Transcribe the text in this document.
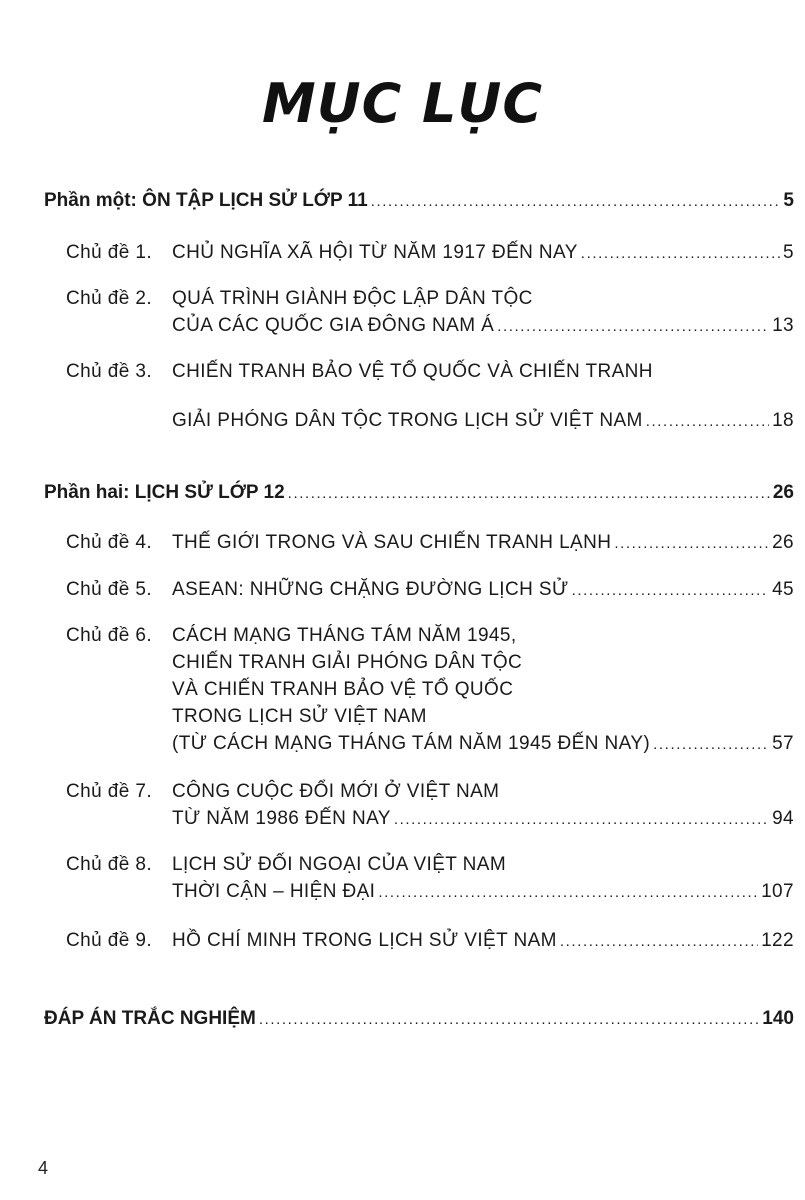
MỤC LỤC
Phần một: ÔN TẬP LỊCH SỬ LỚP 11 .....	5
Chủ đề 1.	CHỦ NGHĨA XÃ HỘI TỪ NĂM 1917 ĐẾN NAY .....	5
Chủ đề 2.	QUÁ TRÌNH GIÀNH ĐỘC LẬP DÂN TỘC
CỦA CÁC QUỐC GIA ĐÔNG NAM Á .....	13
Chủ đề 3.	CHIẾN TRANH BẢO VỆ TỔ QUỐC VÀ CHIẾN TRANH
GIẢI PHÓNG DÂN TỘC TRONG LỊCH SỬ VIỆT NAM .....	18
Phần hai: LỊCH SỬ LỚP 12 .....	26
Chủ đề 4.	THẾ GIỚI TRONG VÀ SAU CHIẾN TRANH LẠNH .....	26
Chủ đề 5.	ASEAN: NHỮNG CHẶNG ĐƯỜNG LỊCH SỬ .....	45
Chủ đề 6.	CÁCH MẠNG THÁNG TÁM NĂM 1945,
CHIẾN TRANH GIẢI PHÓNG DÂN TỘC
VÀ CHIẾN TRANH BẢO VỆ TỔ QUỐC
TRONG LỊCH SỬ VIỆT NAM
(TỪ CÁCH MẠNG THÁNG TÁM NĂM 1945 ĐẾN NAY) .....	57
Chủ đề 7.	CÔNG CUỘC ĐỔI MỚI Ở VIỆT NAM
TỪ NĂM 1986 ĐẾN NAY .....	94
Chủ đề 8.	LỊCH SỬ ĐỐI NGOẠI CỦA VIỆT NAM
THỜI CẬN – HIỆN ĐẠI .....	107
Chủ đề 9.	HỒ CHÍ MINH TRONG LỊCH SỬ VIỆT NAM .....	122
ĐÁP ÁN TRẮC NGHIỆM .....	140
4
